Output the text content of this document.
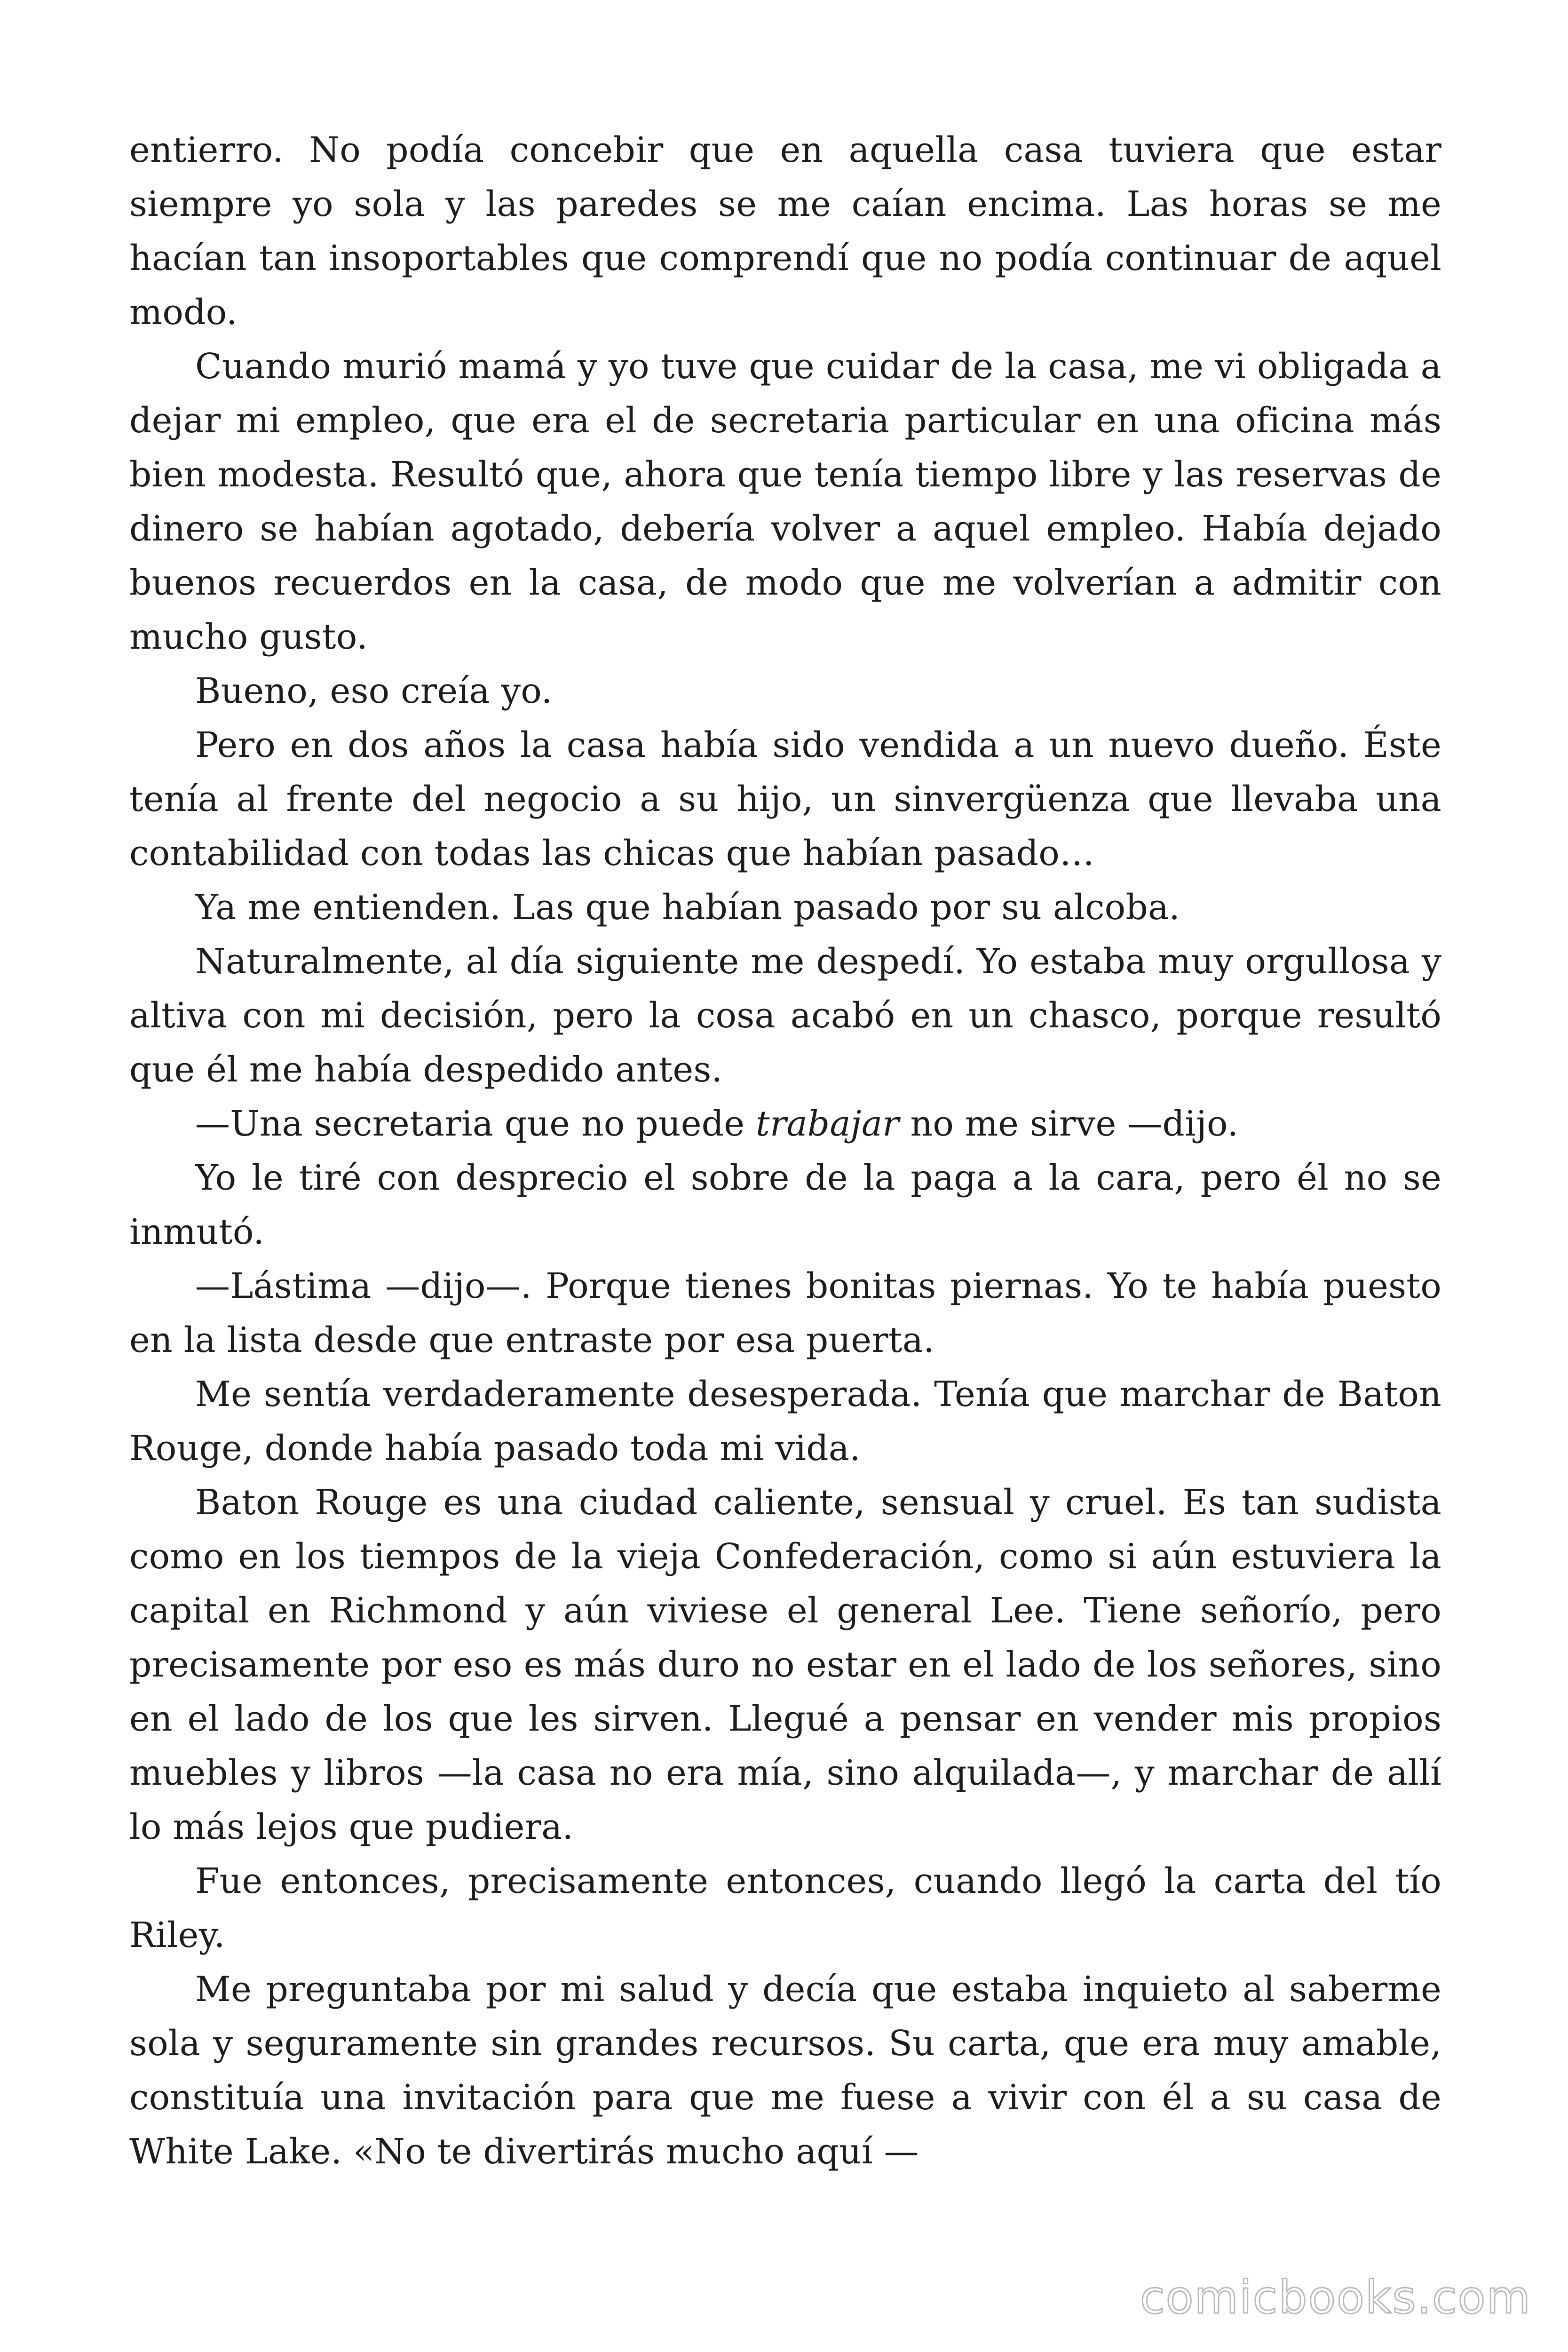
entierro. No podía concebir que en aquella casa tuviera que estar siempre yo sola y las paredes se me caían encima. Las horas se me hacían tan insoportables que comprendí que no podía continuar de aquel modo.

Cuando murió mamá y yo tuve que cuidar de la casa, me vi obligada a dejar mi empleo, que era el de secretaria particular en una oficina más bien modesta. Resultó que, ahora que tenía tiempo libre y las reservas de dinero se habían agotado, debería volver a aquel empleo. Había dejado buenos recuerdos en la casa, de modo que me volverían a admitir con mucho gusto.

Bueno, eso creía yo.

Pero en dos años la casa había sido vendida a un nuevo dueño. Éste tenía al frente del negocio a su hijo, un sinvergüenza que llevaba una contabilidad con todas las chicas que habían pasado…

Ya me entienden. Las que habían pasado por su alcoba.

Naturalmente, al día siguiente me despedí. Yo estaba muy orgullosa y altiva con mi decisión, pero la cosa acabó en un chasco, porque resultó que él me había despedido antes.

—Una secretaria que no puede trabajar no me sirve —dijo.

Yo le tiré con desprecio el sobre de la paga a la cara, pero él no se inmutó.

—Lástima —dijo—. Porque tienes bonitas piernas. Yo te había puesto en la lista desde que entraste por esa puerta.

Me sentía verdaderamente desesperada. Tenía que marchar de Baton Rouge, donde había pasado toda mi vida.

Baton Rouge es una ciudad caliente, sensual y cruel. Es tan sudista como en los tiempos de la vieja Confederación, como si aún estuviera la capital en Richmond y aún viviese el general Lee. Tiene señorío, pero precisamente por eso es más duro no estar en el lado de los señores, sino en el lado de los que les sirven. Llegué a pensar en vender mis propios muebles y libros —la casa no era mía, sino alquilada—, y marchar de allí lo más lejos que pudiera.

Fue entonces, precisamente entonces, cuando llegó la carta del tío Riley.

Me preguntaba por mi salud y decía que estaba inquieto al saberme sola y seguramente sin grandes recursos. Su carta, que era muy amable, constituía una invitación para que me fuese a vivir con él a su casa de White Lake. «No te divertirás mucho aquí —

comicbooks.com
